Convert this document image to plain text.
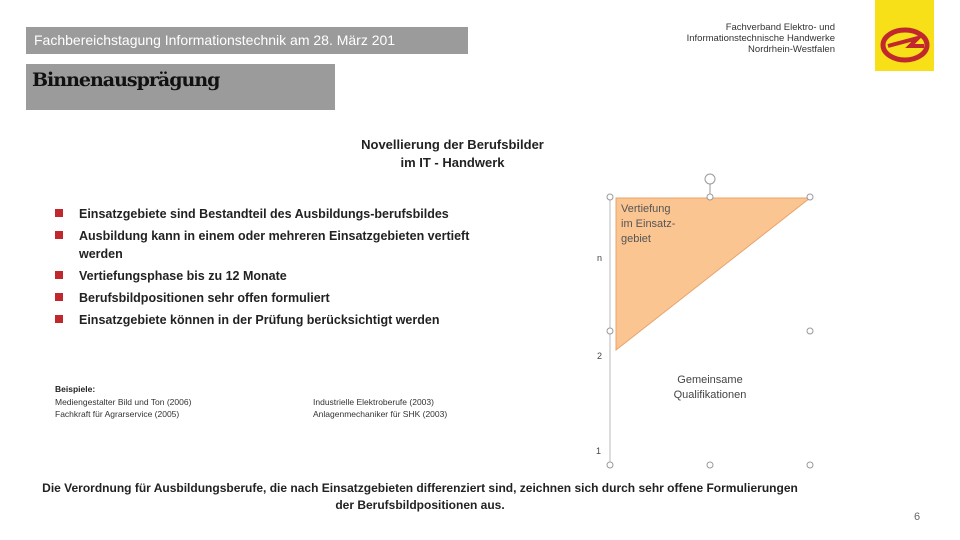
Fachbereichstagung Informationstechnik am 28. März 201
Fachverband Elektro- und
Informationstechnische Handwerke
Nordrhein-Westfalen
Binnenausprägung
Novellierung der Berufsbilder
im IT - Handwerk
Einsatzgebiete sind Bestandteil des Ausbildungs-berufsbildes
Ausbildung kann in einem oder mehreren Einsatzgebieten vertieft werden
Vertiefungsphase bis zu 12 Monate
Berufsbildpositionen sehr offen formuliert
Einsatzgebiete können in der Prüfung berücksichtigt werden
Beispiele:
Mediengestalter Bild und Ton (2006)
Fachkraft für Agrarservice (2005)
Industrielle Elektroberufe (2003)
Anlagenmechaniker für SHK (2003)
Vertiefung
im Einsatz-
gebiet
Gemeinsame
Qualifikationen
1
2
n
Die Verordnung für Ausbildungsberufe, die nach Einsatzgebieten differenziert sind, zeichnen sich durch sehr offene Formulierungen
der Berufsbildpositionen aus.
6
